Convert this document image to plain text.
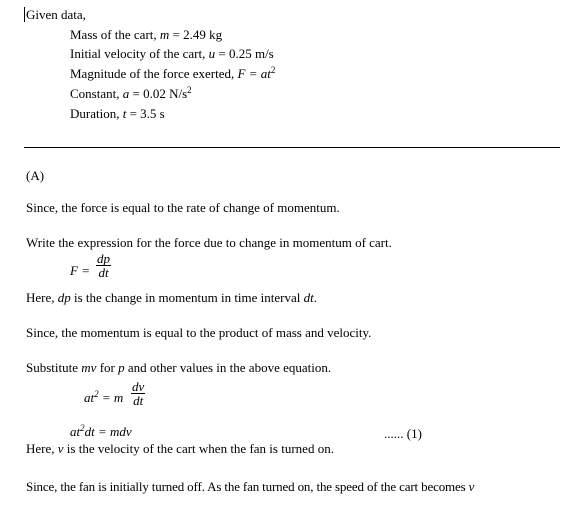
Given data,
Mass of the cart, m = 2.49 kg
Initial velocity of the cart, u = 0.25 m/s
Magnitude of the force exerted, $F = at^2$
Constant, a = 0.02 $N/s^2$
Duration, t = 3.5 s
(A)
Since, the force is equal to the rate of change of momentum.
Write the expression for the force due to change in momentum of cart.
F =
dp
dt
Here, dp is the change in momentum in time interval dt.
Since, the momentum is equal to the product of mass and velocity.
Substitute mv for p and other values in the above equation.
$at^2 = m$
dv
dt
$at^2dt$ = mdv	...... (1)
Here, v is the velocity of the cart when the fan is turned on.
Since, the fan is initially turned off. As the fan turned on, the speed of the cart becomes v
